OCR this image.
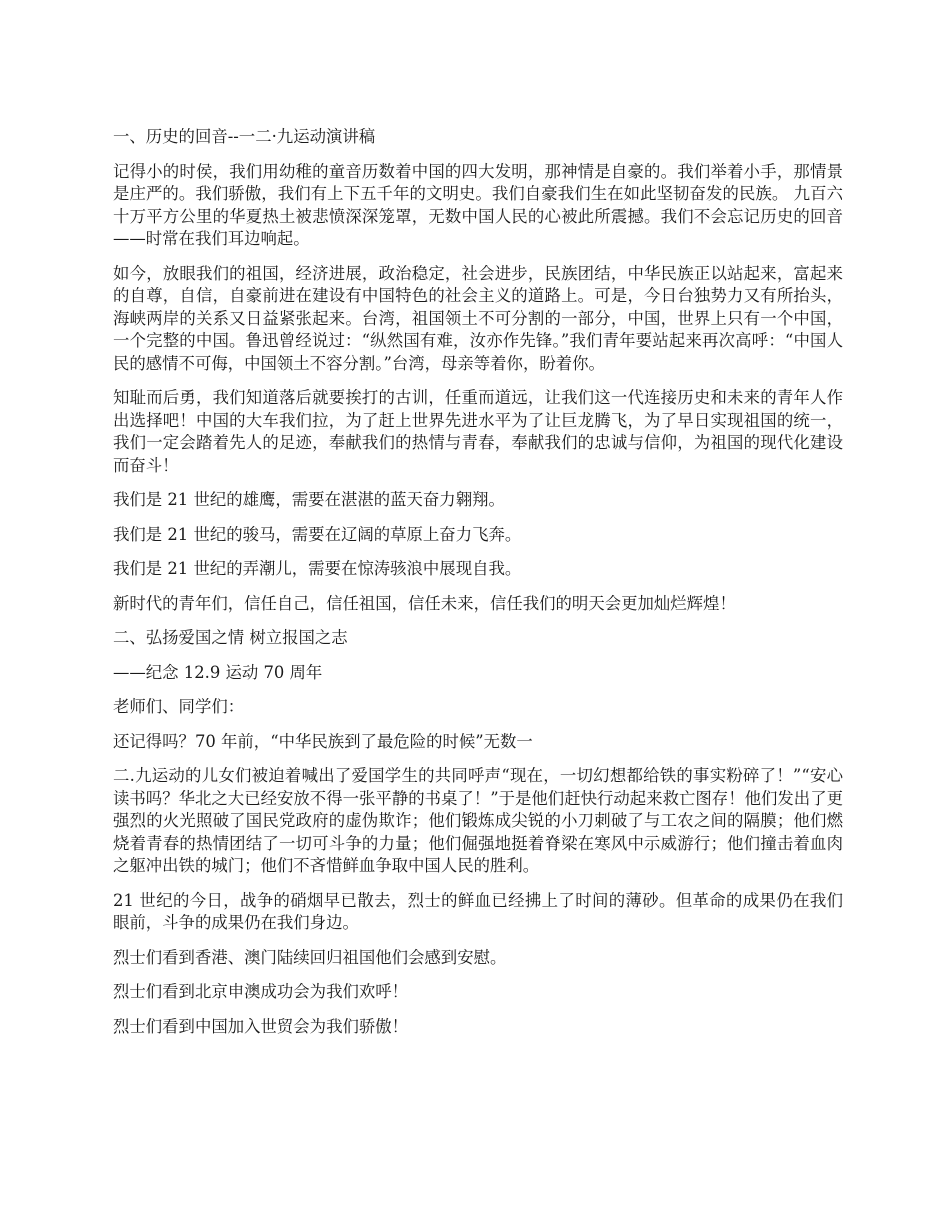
一、历史的回音--一二·九运动演讲稿

记得小的时侯，我们用幼稚的童音历数着中国的四大发明，那神情是自豪的。我们举着小手，那情景是庄严的。我们骄傲，我们有上下五千年的文明史。我们自豪我们生在如此坚韧奋发的民族。 九百六十万平方公里的华夏热土被悲愤深深笼罩，无数中国人民的心被此所震撼。我们不会忘记历史的回音——时常在我们耳边响起。

如今，放眼我们的祖国，经济进展，政治稳定，社会进步，民族团结，中华民族正以站起来，富起来的自尊，自信，自豪前进在建设有中国特色的社会主义的道路上。可是，今日台独势力又有所抬头，海峡两岸的关系又日益紧张起来。台湾，祖国领土不可分割的一部分，中国，世界上只有一个中国，一个完整的中国。鲁迅曾经说过：“纵然国有难，汝亦作先锋。”我们青年要站起来再次高呼：“中国人民的感情不可侮，中国领土不容分割。”台湾，母亲等着你，盼着你。

知耻而后勇，我们知道落后就要挨打的古训，任重而道远，让我们这一代连接历史和未来的青年人作出选择吧！中国的大车我们拉，为了赶上世界先进水平为了让巨龙腾飞，为了早日实现祖国的统一，我们一定会踏着先人的足迹，奉献我们的热情与青春，奉献我们的忠诚与信仰，为祖国的现代化建设而奋斗！

我们是 21 世纪的雄鹰，需要在湛湛的蓝天奋力翱翔。

我们是 21 世纪的骏马，需要在辽阔的草原上奋力飞奔。

我们是 21 世纪的弄潮儿，需要在惊涛骇浪中展现自我。

新时代的青年们，信任自己，信任祖国，信任未来，信任我们的明天会更加灿烂辉煌！

二、弘扬爱国之情 树立报国之志

——纪念 12.9 运动 70 周年

老师们、同学们：

还记得吗？70 年前，“中华民族到了最危险的时候”无数一

二.九运动的儿女们被迫着喊出了爱国学生的共同呼声“现在，一切幻想都给铁的事实粉碎了！”“安心读书吗？华北之大已经安放不得一张平静的书桌了！”于是他们赶快行动起来救亡图存！他们发出了更强烈的火光照破了国民党政府的虚伪欺诈；他们锻炼成尖锐的小刀刺破了与工农之间的隔膜；他们燃烧着青春的热情团结了一切可斗争的力量；他们倔强地挺着脊梁在寒风中示威游行；他们撞击着血肉之躯冲出铁的城门；他们不吝惜鲜血争取中国人民的胜利。

21 世纪的今日，战争的硝烟早已散去，烈士的鲜血已经拂上了时间的薄砂。但革命的成果仍在我们眼前，斗争的成果仍在我们身边。

烈士们看到香港、澳门陆续回归祖国他们会感到安慰。

烈士们看到北京申澳成功会为我们欢呼！

烈士们看到中国加入世贸会为我们骄傲！
